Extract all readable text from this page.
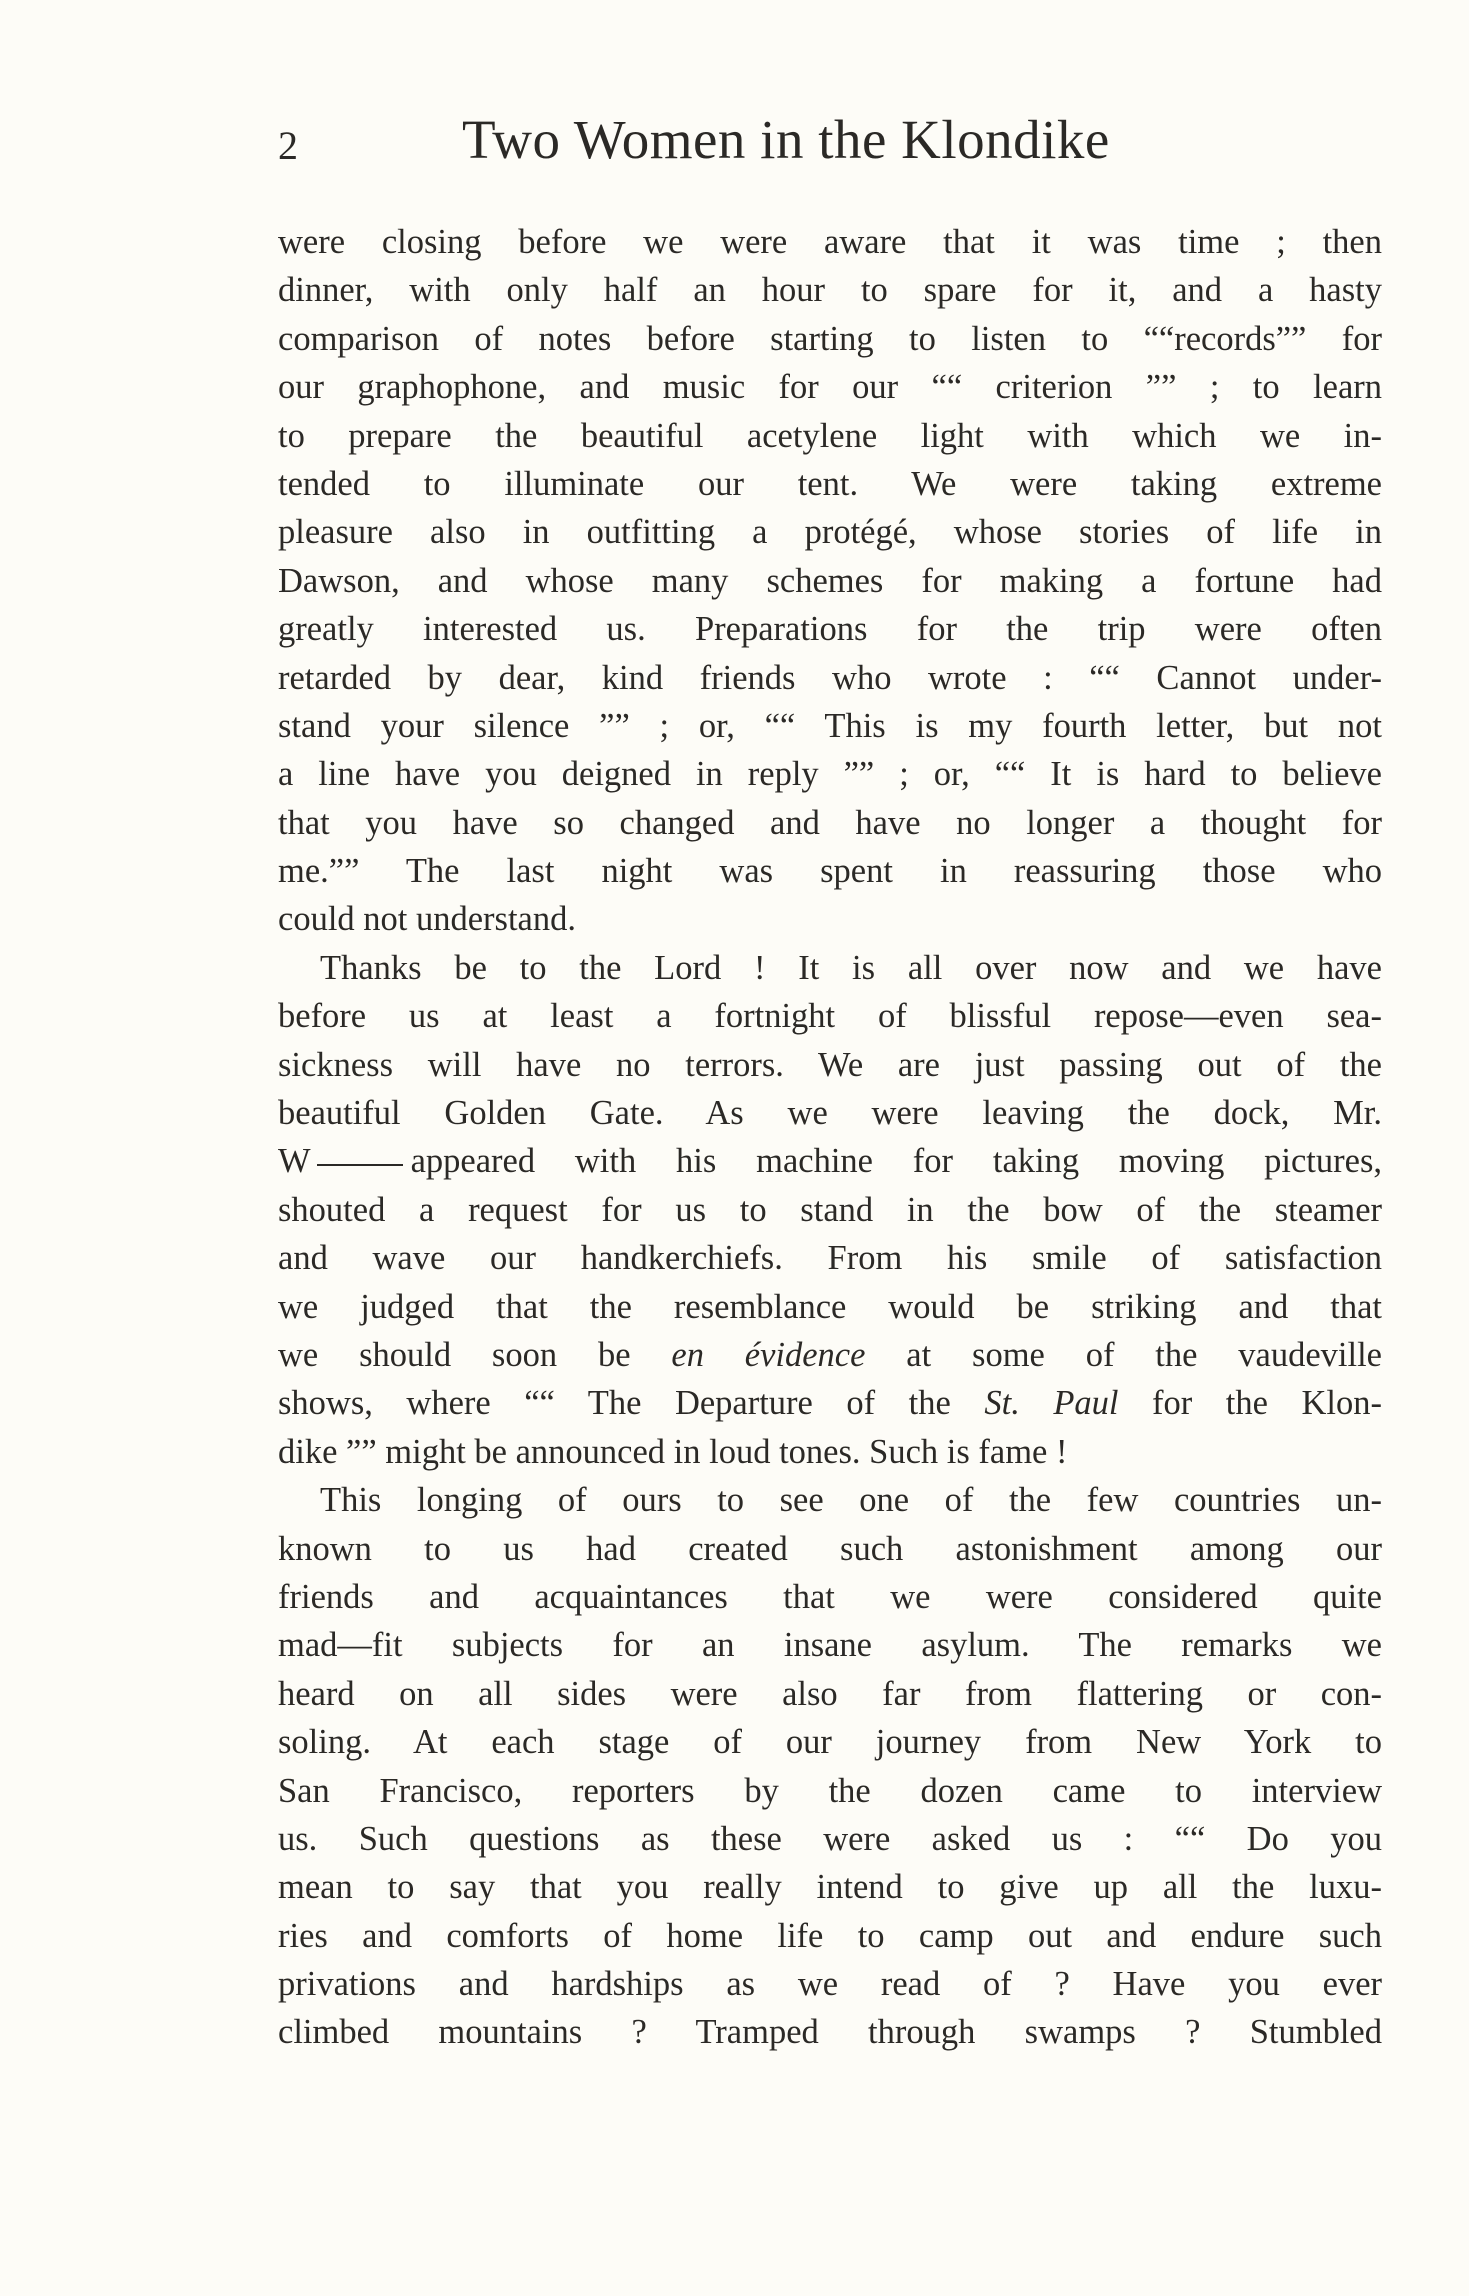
2	Two Women in the Klondike
were closing before we were aware that it was time ; then
dinner, with only half an hour to spare for it, and a hasty
comparison of notes before starting to listen to ““records”” for
our graphophone, and music for our ““ criterion ”” ; to learn
to prepare the beautiful acetylene light with which we in-
tended to illuminate our tent. We were taking extreme
pleasure also in outfitting a protégé, whose stories of life in
Dawson, and whose many schemes for making a fortune had
greatly interested us. Preparations for the trip were often
retarded by dear, kind friends who wrote : ““ Cannot under-
stand your silence ”” ; or, ““ This is my fourth letter, but not
a line have you deigned in reply ”” ; or, ““ It is hard to believe
that you have so changed and have no longer a thought for
me.”” The last night was spent in reassuring those who
could not understand.
Thanks be to the Lord ! It is all over now and we have
before us at least a fortnight of blissful repose—even sea-
sickness will have no terrors. We are just passing out of the
beautiful Golden Gate. As we were leaving the dock, Mr.
W	appeared with his machine for taking moving pictures,
shouted a request for us to stand in the bow of the steamer
and wave our handkerchiefs. From his smile of satisfaction
we judged that the resemblance would be striking and that
we should soon be en évidence at some of the vaudeville
shows, where ““ The Departure of the St. Paul for the Klon-
dike ”” might be announced in loud tones. Such is fame !
This longing of ours to see one of the few countries un-
known to us had created such astonishment among our
friends and acquaintances that we were considered quite
mad—fit subjects for an insane asylum. The remarks we
heard on all sides were also far from flattering or con-
soling. At each stage of our journey from New York to
San Francisco, reporters by the dozen came to interview
us. Such questions as these were asked us : ““ Do you
mean to say that you really intend to give up all the luxu-
ries and comforts of home life to camp out and endure such
privations and hardships as we read of ? Have you ever
climbed mountains ? Tramped through swamps ? Stumbled
